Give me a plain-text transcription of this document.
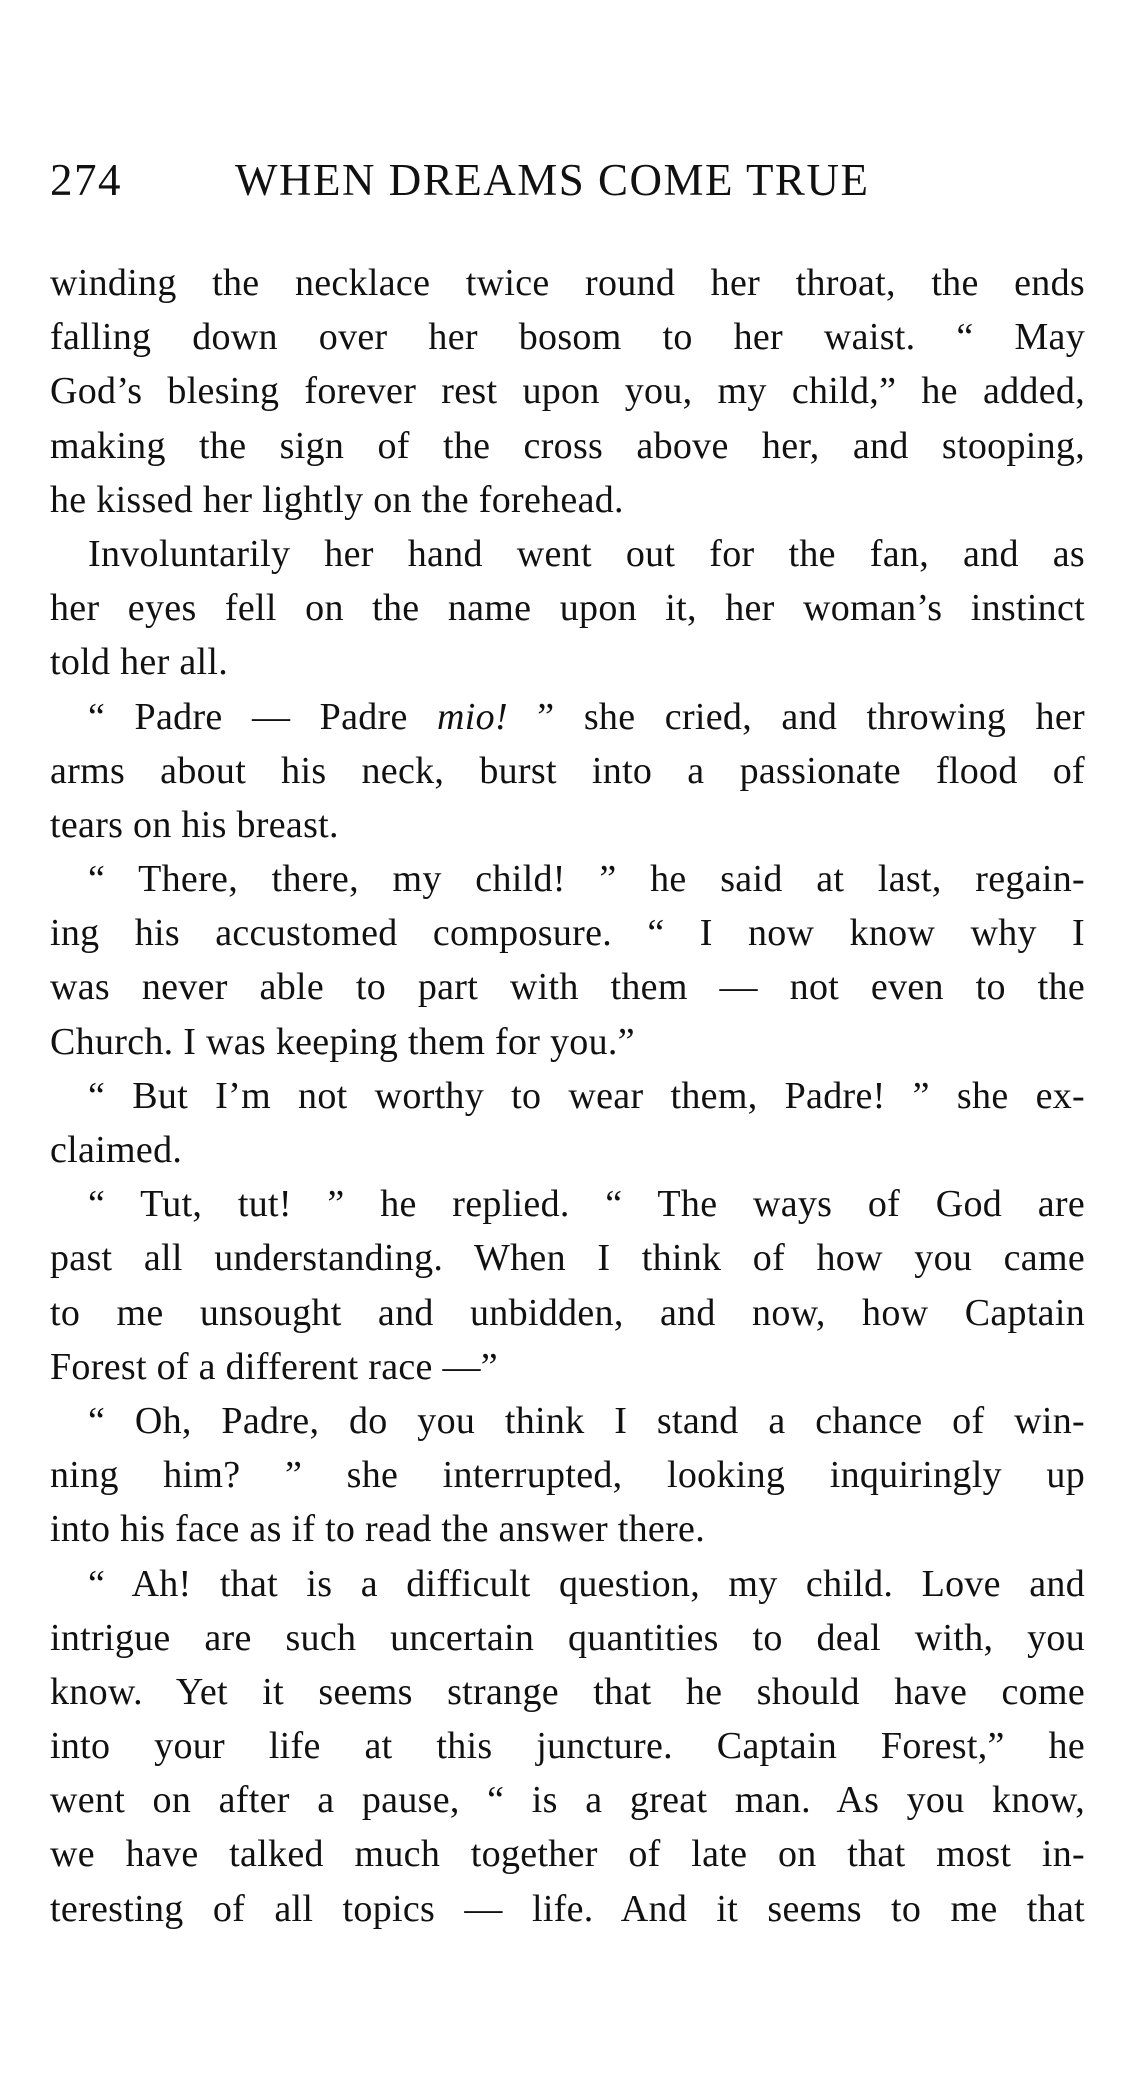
274	WHEN DREAMS COME TRUE
winding the necklace twice round her throat, the ends
falling down over her bosom to her waist. “ May
God’s blesing forever rest upon you, my child,” he added,
making the sign of the cross above her, and stooping,
he kissed her lightly on the forehead.
Involuntarily her hand went out for the fan, and as
her eyes fell on the name upon it, her woman’s instinct
told her all.
“ Padre — Padre mio! ” she cried, and throwing her
arms about his neck, burst into a passionate flood of
tears on his breast.
“ There, there, my child! ” he said at last, regain-
ing his accustomed composure. “ I now know why I
was never able to part with them — not even to the
Church. I was keeping them for you.”
“ But I’m not worthy to wear them, Padre! ” she ex-
claimed.
“ Tut, tut! ” he replied. “ The ways of God are
past all understanding. When I think of how you came
to me unsought and unbidden, and now, how Captain
Forest of a different race —”
“ Oh, Padre, do you think I stand a chance of win-
ning him? ” she interrupted, looking inquiringly up
into his face as if to read the answer there.
“ Ah! that is a difficult question, my child. Love and
intrigue are such uncertain quantities to deal with, you
know. Yet it seems strange that he should have come
into your life at this juncture. Captain Forest,” he
went on after a pause, “ is a great man. As you know,
we have talked much together of late on that most in-
teresting of all topics — life. And it seems to me that
